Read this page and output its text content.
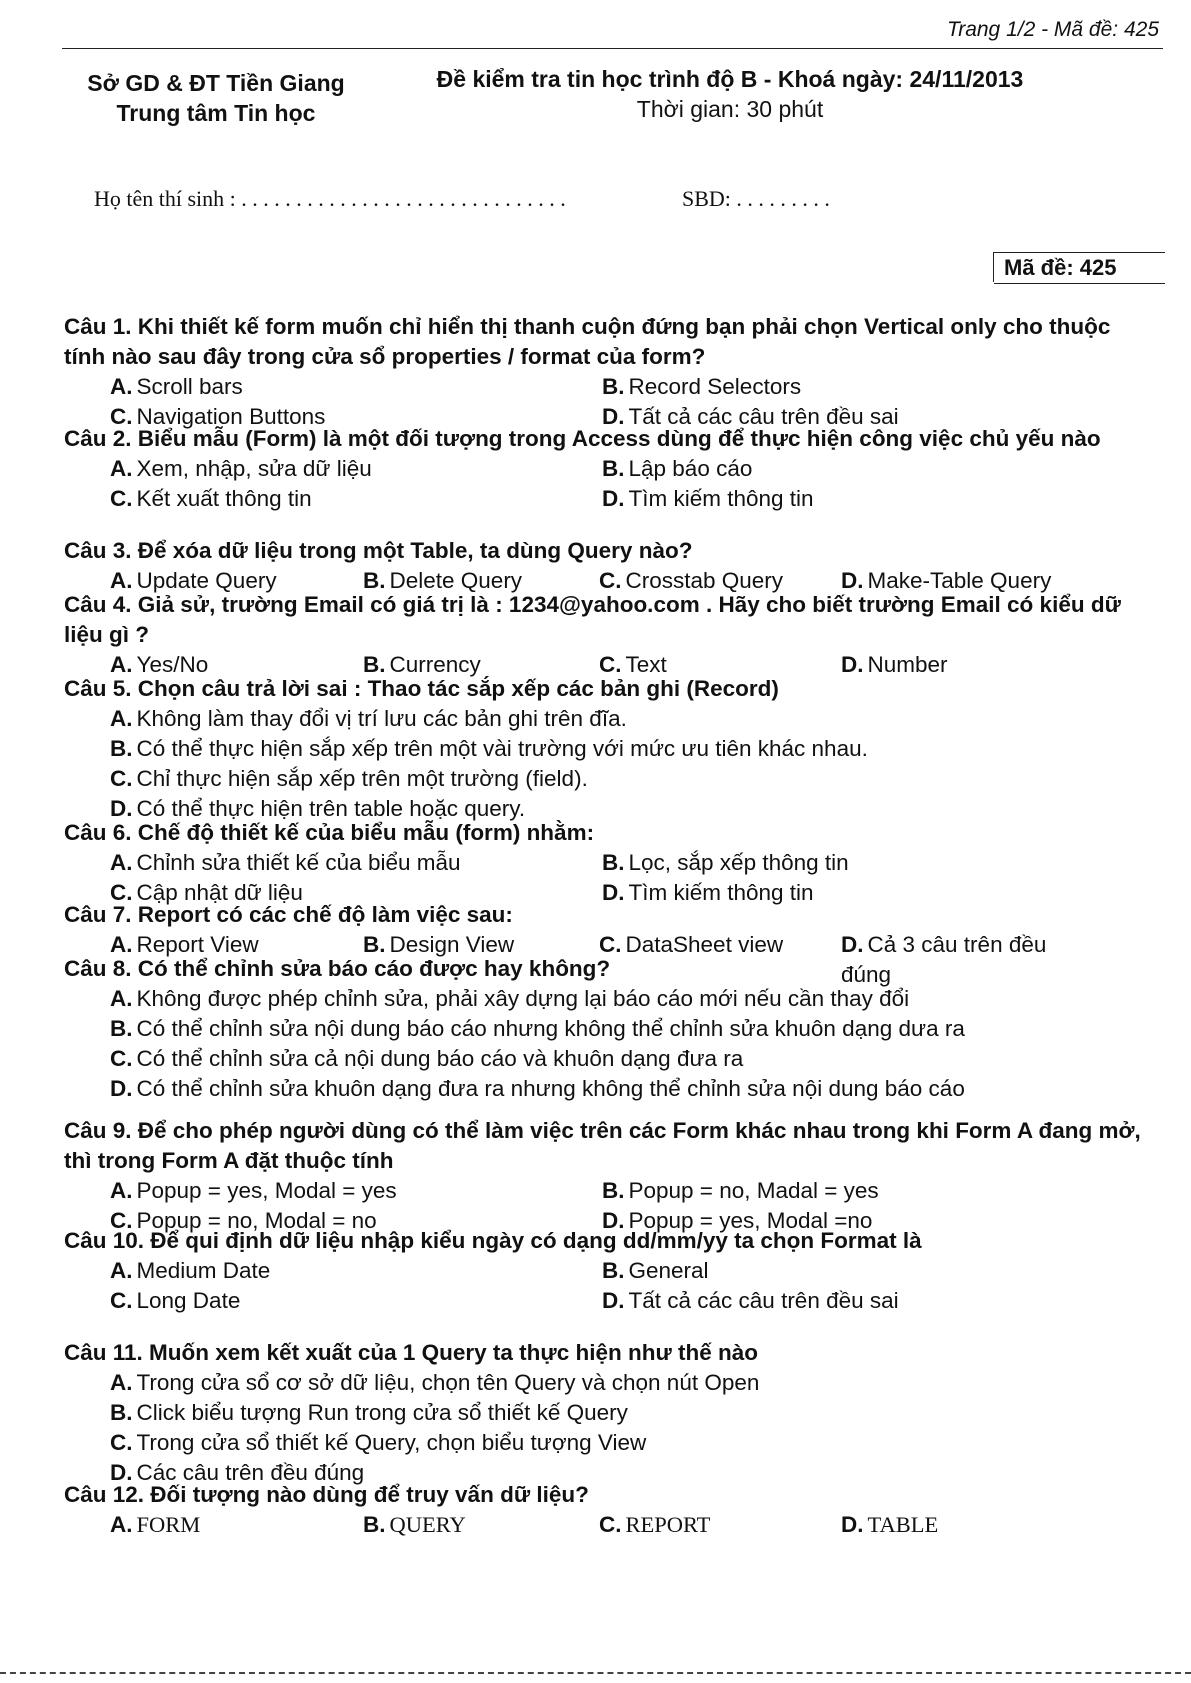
Trang 1/2 - Mã đề: 425
Sở GD & ĐT Tiền Giang
Trung tâm Tin học
Đề kiểm tra tin học trình độ B - Khoá ngày: 24/11/2013
Thời gian: 30 phút
Họ tên thí sinh : . . . . . . . . . . . . . . . . . . . . . . . . . . . . . .	SBD: . . . . . . . . .
Mã đề: 425
Câu 1. Khi thiết kế form muốn chỉ hiển thị thanh cuộn đứng bạn phải chọn Vertical only cho thuộc tính nào sau đây trong cửa sổ properties / format của form?
A. Scroll bars	B. Record Selectors
C. Navigation Buttons	D. Tất cả các câu trên đều sai
Câu 2. Biểu mẫu (Form) là một đối tượng trong Access dùng để thực hiện công việc chủ yếu nào
A. Xem, nhập, sửa dữ liệu	B. Lập báo cáo
C. Kết xuất thông tin	D. Tìm kiếm thông tin
Câu 3. Để xóa dữ liệu trong một Table, ta dùng Query nào?
A. Update Query	B. Delete Query	C. Crosstab Query	D. Make-Table Query
Câu 4. Giả sử, trường Email có giá trị là : 1234@yahoo.com . Hãy cho biết trường Email có kiểu dữ liệu gì ?
A. Yes/No	B. Currency	C. Text	D. Number
Câu 5. Chọn câu trả lời sai : Thao tác sắp xếp các bản ghi (Record)
A. Không làm thay đổi vị trí lưu các bản ghi trên đĩa.
B. Có thể thực hiện sắp xếp trên một vài trường với mức ưu tiên khác nhau.
C. Chỉ thực hiện sắp xếp trên một trường (field).
D. Có thể thực hiện trên table hoặc query.
Câu 6. Chế độ thiết kế của biểu mẫu (form) nhằm:
A. Chỉnh sửa thiết kế của biểu mẫu	B. Lọc, sắp xếp thông tin
C. Cập nhật dữ liệu	D. Tìm kiếm thông tin
Câu 7. Report có các chế độ làm việc sau:
A. Report View	B. Design View	C. DataSheet view	D. Cả 3 câu trên đều đúng
Câu 8. Có thể chỉnh sửa báo cáo được hay không?
A. Không được phép chỉnh sửa, phải xây dựng lại báo cáo mới nếu cần thay đổi
B. Có thể chỉnh sửa nội dung báo cáo nhưng không thể chỉnh sửa khuôn dạng dưa ra
C. Có thể chỉnh sửa cả nội dung báo cáo và khuôn dạng đưa ra
D. Có thể chỉnh sửa khuôn dạng đưa ra nhưng không thể chỉnh sửa nội dung báo cáo
Câu 9. Để cho phép người dùng có thể làm việc trên các Form khác nhau trong khi Form A đang mở, thì trong Form A đặt thuộc tính
A. Popup = yes, Modal = yes	B. Popup = no, Madal = yes
C. Popup = no, Modal = no	D. Popup = yes, Modal =no
Câu 10. Để qui định dữ liệu nhập kiểu ngày có dạng dd/mm/yy ta chọn Format là
A. Medium Date	B. General
C. Long Date	D. Tất cả các câu trên đều sai
Câu 11. Muốn xem kết xuất của 1 Query ta thực hiện như thế nào
A. Trong cửa sổ cơ sở dữ liệu, chọn tên Query và chọn nút Open
B. Click biểu tượng Run trong cửa sổ thiết kế Query
C. Trong cửa sổ thiết kế Query, chọn biểu tượng View
D. Các câu trên đều đúng
Câu 12. Đối tượng nào dùng để truy vấn dữ liệu?
A. FORM	B. QUERY	C. REPORT	D. TABLE
